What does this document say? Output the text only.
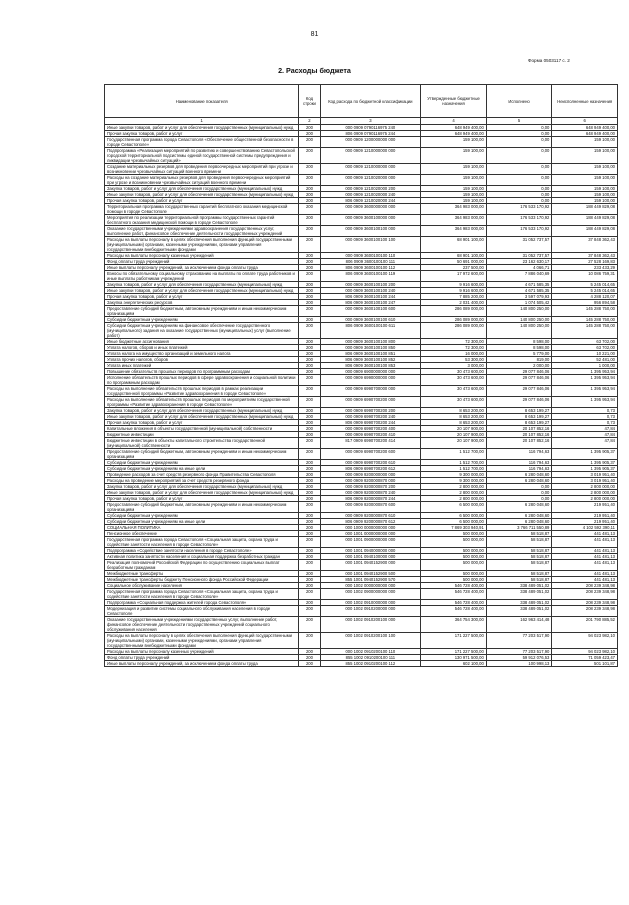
81
Форма 0503117 с. 2
2. Расходы бюджета
Наименование показателя	Код строки	Код расхода по бюджетной классификации	Утвержденные бюджетные назначения	Исполнено	Неисполненные назначения
1	2	3	4	5	6
Иные закупки товаров, работ и услуг для обеспечения государственных (муниципальных) нужд	200	000 0909 0790116975 240	648 949 400,00	0,00	648 949 400,00
Прочая закупка товаров, работ и услуг	200	806 0909 0790116975 244	648 949 400,00	0,00	648 949 400,00
Государственная программа города Севастополя «Обеспечение общественной безопасности в городе Севастополе»	200	000 0909 1200000000 000	159 100,00	0,00	159 100,00
Подпрограмма «Реализация мероприятий по развитию и совершенствованию Севастопольской городской территориальной подсистемы единой государственной системы предупреждения и ликвидации чрезвычайных ситуаций»	200	000 0909 1210000000 000	159 100,00	0,00	159 100,00
Создание материальных резервов для проведения первоочередных мероприятий при угрозе и возникновении чрезвычайных ситуаций военного времени	200	000 0909 1210000000 000	159 100,00	0,00	159 100,00
Расходы на создание материальных резервов для проведения первоочередных мероприятий при угрозе и возникновении чрезвычайных ситуаций военного времени	200	000 0909 1210020000 000	159 100,00	0,00	159 100,00
Закупка товаров, работ и услуг для обеспечения государственных (муниципальных) нужд	200	000 0909 1210020000 200	159 100,00	0,00	159 100,00
Иные закупки товаров, работ и услуг для обеспечения государственных (муниципальных) нужд	200	000 0909 1210020000 240	159 100,00	0,00	159 100,00
Прочая закупка товаров, работ и услуг	200	806 0909 1210020000 244	159 100,00	0,00	159 100,00
Территориальная программа государственных гарантий бесплатного оказания медицинской помощи в городе Севастополе	200	000 0909 3600000000 000	364 983 000,00	176 533 170,92	188 449 829,08
Мероприятия по реализации территориальной программы государственных гарантий бесплатного оказания медицинской помощи в городе Севастополе	200	000 0909 3600100000 000	364 983 000,00	176 533 170,92	188 449 829,08
Оказание государственными учреждениями здравоохранения государственных услуг, выполнение работ, финансовое обеспечение деятельности государственных учреждений	200	000 0909 3600100100 000	364 983 000,00	176 533 170,92	188 449 829,08
Расходы на выплаты персоналу в целях обеспечения выполнения функций государственными (муниципальными) органами, казенными учреждениями, органами управления государственными внебюджетными фондами	200	000 0909 3600100100 100	68 901 100,00	31 052 737,57	37 848 362,43
Расходы на выплаты персоналу казенных учреждений	200	000 0909 3600100100 110	68 901 100,00	31 052 737,57	37 848 362,43
Фонд оплаты труда учреждений	200	806 0909 3600100100 111	50 691 000,00	23 162 630,17	27 528 169,83
Иные выплаты персоналу учреждений, за исключением фонда оплаты труда	200	806 0909 3600100100 112	237 500,00	4 066,71	233 433,29
Взносы по обязательному социальному страхованию на выплаты по оплате труда работников и иные выплаты работникам учреждений	200	806 0909 3600100100 119	17 972 600,00	7 886 040,69	10 086 759,31
Закупка товаров, работ и услуг для обеспечения государственных (муниципальных) нужд	200	000 0909 3600100100 200	9 916 600,00	4 671 585,35	5 245 014,65
Иные закупки товаров, работ и услуг для обеспечения государственных (муниципальных) нужд	200	000 0909 3600100100 240	9 916 600,00	4 671 585,35	5 245 014,65
Прочая закупка товаров, работ и услуг	200	806 0909 3600100100 244	7 885 200,00	3 597 079,93	4 288 120,07
Закупка энергетических ресурсов	200	806 0909 3600100100 247	2 031 400,00	1 074 505,42	956 894,58
Предоставление субсидий бюджетным, автономным учреждениям и иным некоммерческим организациям	200	000 0909 3600100100 600	286 089 000,00	140 800 250,00	145 288 750,00
Субсидии бюджетным учреждениям	200	000 0909 3600100100 610	286 089 000,00	140 800 250,00	145 288 750,00
Субсидии бюджетным учреждениям на финансовое обеспечение государственного (муниципального) задания на оказание государственных (муниципальных) услуг (выполнение работ)	200	806 0909 3600100100 611	286 089 000,00	140 800 250,00	145 288 750,00
Иные бюджетные ассигнования	200	000 0909 3600100100 800	72 300,00	8 598,00	63 702,00
Уплата налогов, сборов и иных платежей	200	000 0909 3600100100 850	72 300,00	8 598,00	63 702,00
Уплата налога на имущество организаций и земельного налога	200	806 0909 3600100100 851	16 000,00	5 779,00	10 221,00
Уплата прочих налогов, сборов	200	806 0909 3600100100 852	53 300,00	819,00	52 481,00
Уплата иных платежей	200	806 0909 3600100100 853	3 000,00	2 000,00	1 000,00
Повышение обязательств прошлых периодов по программным расходам	200	000 0909 6900000000 000	30 473 600,00	29 077 846,06	1 395 953,94
Исполнение обязательств прошлых периодов в сфере здравоохранения и социальной политики по программным расходам	200	000 0909 6990000000 000	30 473 600,00	29 077 846,06	1 395 953,94
Расходы на выполнение обязательств прошлых периодов в рамках реализации государственной программы «Развитие здравоохранения в городе Севастополе»	200	000 0909 6990700000 000	30 473 600,00	29 077 846,06	1 395 953,94
Расходы на выполнение обязательств прошлых периодов по мероприятиям государственной программы «Развитие здравоохранения в городе Севастополе»	200	000 0909 6990700200 000	30 473 600,00	29 077 846,06	1 395 953,94
Закупка товаров, работ и услуг для обеспечения государственных (муниципальных) нужд	200	000 0909 6990700200 200	8 653 200,00	8 653 199,27	0,73
Иные закупки товаров, работ и услуг для обеспечения государственных (муниципальных) нужд	200	000 0909 6990700200 240	8 653 200,00	8 653 199,27	0,73
Прочая закупка товаров, работ и услуг	200	806 0909 6990700200 244	8 653 200,00	8 653 199,27	0,73
Капитальные вложения в объекты государственной (муниципальной) собственности	200	000 0909 6990700200 400	20 107 900,00	20 107 852,16	47,84
Бюджетные инвестиции	200	000 0909 6990700200 410	20 107 900,00	20 107 852,16	47,84
Бюджетные инвестиции в объекты капитального строительства государственной (муниципальной) собственности	200	817 0909 6990700200 414	20 107 900,00	20 107 852,16	47,84
Предоставление субсидий бюджетным, автономным учреждениям и иным некоммерческим организациям	200	000 0909 6990700200 600	1 512 700,00	116 794,63	1 395 905,37
Субсидии бюджетным учреждениям	200	000 0909 6990700200 610	1 512 700,00	116 794,63	1 395 905,37
Субсидии бюджетным учреждениям на иные цели	200	806 0909 6990700200 612	1 512 700,00	116 794,63	1 395 905,37
Проведение расходов за счет средств резервного фонда Правительства Севастополя	200	000 0909 9200000000 000	9 300 000,00	6 280 048,60	3 019 951,40
Расходы на проведение мероприятий за счет средств резервного фонда	200	000 0909 9200000870 000	9 300 000,00	6 280 048,60	3 019 951,40
Закупка товаров, работ и услуг для обеспечения государственных (муниципальных) нужд	200	000 0909 9200000870 200	2 800 000,00	0,00	2 800 000,00
Иные закупки товаров, работ и услуг для обеспечения государственных (муниципальных) нужд	200	000 0909 9200000870 240	2 800 000,00	0,00	2 800 000,00
Прочая закупка товаров, работ и услуг	200	806 0909 9200000870 244	2 800 000,00	0,00	2 800 000,00
Предоставление субсидий бюджетным, автономным учреждениям и иным некоммерческим организациям	200	000 0909 9200000870 600	6 500 000,00	6 280 048,60	219 951,40
Субсидии бюджетным учреждениям	200	000 0909 9200000870 610	6 500 000,00	6 280 048,60	219 951,40
Субсидии бюджетным учреждениям на иные цели	200	806 0909 9200000870 612	6 500 000,00	6 280 048,60	219 951,40
СОЦИАЛЬНАЯ ПОЛИТИКА	200	000 1000 0000000000 000	7 869 303 940,91	3 766 711 550,89	4 102 592 390,11
Пенсионное обеспечение	200	000 1001 0000000000 000	500 000,00	58 518,87	441 481,13
Государственная программа города Севастополя «Социальная защита, охрана труда и содействие занятости населения в городе Севастополе»	200	000 1001 0900000000 000	500 000,00	58 518,87	441 481,13
Подпрограмма «Содействие занятости населения в городе Севастополе»	200	000 1001 0940000000 000	500 000,00	58 518,87	441 481,13
Активная политика занятости населения и социальная поддержка безработных граждан	200	000 1001 0940100000 000	500 000,00	58 518,87	441 481,13
Реализация полномочий Российской Федерации по осуществлению социальных выплат безработным гражданам	200	000 1001 0940152900 000	500 000,00	58 518,87	441 481,13
Межбюджетные трансферты	200	000 1001 0940152900 500	500 000,00	58 518,87	441 481,13
Межбюджетные трансферты бюджету Пенсионного фонда Российской Федерации	200	855 1001 0940152900 570	500 000,00	58 518,87	441 481,13
Социальное обслуживание населения	200	000 1002 0000000000 000	546 728 400,00	338 489 051,02	208 239 348,98
Государственная программа города Севастополя «Социальная защита, охрана труда и содействие занятости населения в городе Севастополе»	200	000 1002 0900000000 000	546 728 400,00	338 489 051,02	208 239 348,98
Подпрограмма «Социальная поддержка жителей города Севастополя»	200	000 1002 0910000000 000	546 728 400,00	338 489 051,02	208 239 348,98
Модернизация и развитие системы социального обслуживания населения в городе Севастополе	200	000 1002 0910200000 000	546 728 400,00	338 489 051,02	208 239 348,98
Оказание государственными учреждениями государственных услуг, выполнение работ, финансовое обеспечение деятельности государственных учреждений социального обслуживания населения	200	000 1002 0910200100 000	364 754 300,00	162 963 414,48	201 790 885,52
Расходы на выплаты персоналу в целях обеспечения выполнения функций государственными (муниципальными) органами, казенными учреждениями, органами управления государственными внебюджетными фондами	200	000 1002 0910200100 100	171 227 500,00	77 203 517,90	94 023 982,10
Расходы на выплаты персоналу казенных учреждений	200	000 1002 0910200100 110	171 227 500,00	77 203 517,90	94 023 982,10
Фонд оплаты труда учреждений	200	855 1002 0910200100 111	130 971 500,00	59 912 076,53	71 059 423,47
Иные выплаты персоналу учреждений, за исключением фонда оплаты труда	200	855 1002 0910200100 112	602 100,00	100 998,13	501 101,87
